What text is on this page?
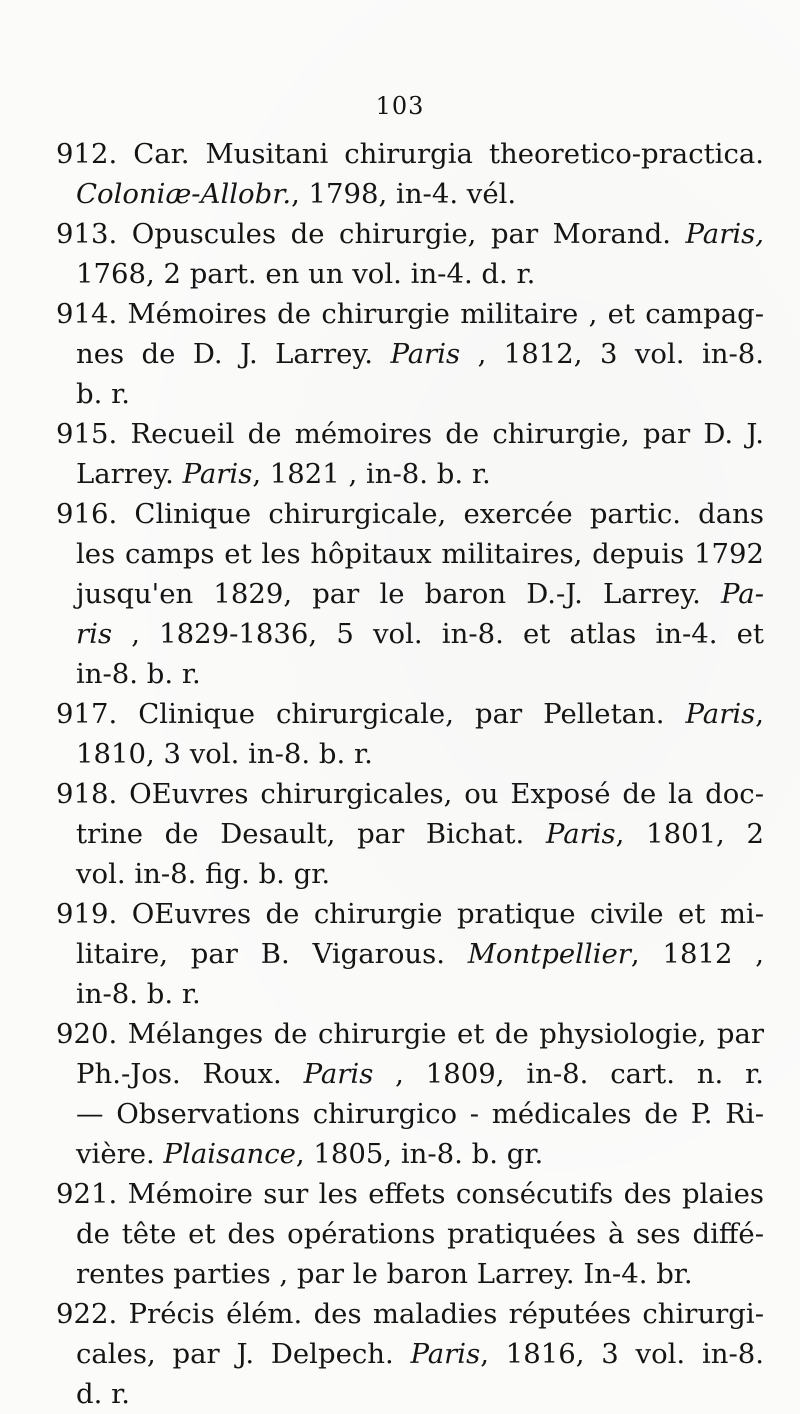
103
912. Car. Musitani chirurgia theoretico-practica.
Coloniæ-Allobr., 1798, in-4. vél.
913. Opuscules de chirurgie, par Morand. Paris,
1768, 2 part. en un vol. in-4. d. r.
914. Mémoires de chirurgie militaire , et campag-
nes de D. J. Larrey. Paris , 1812, 3 vol. in-8.
b. r.
915. Recueil de mémoires de chirurgie, par D. J.
Larrey. Paris, 1821 , in-8. b. r.
916. Clinique chirurgicale, exercée partic. dans
les camps et les hôpitaux militaires, depuis 1792
jusqu'en 1829, par le baron D.-J. Larrey. Pa-
ris , 1829-1836, 5 vol. in-8. et atlas in-4. et
in-8. b. r.
917. Clinique chirurgicale, par Pelletan. Paris,
1810, 3 vol. in-8. b. r.
918. OEuvres chirurgicales, ou Exposé de la doc-
trine de Desault, par Bichat. Paris, 1801, 2
vol. in-8. fig. b. gr.
919. OEuvres de chirurgie pratique civile et mi-
litaire, par B. Vigarous. Montpellier, 1812 ,
in-8. b. r.
920. Mélanges de chirurgie et de physiologie, par
Ph.-Jos. Roux. Paris , 1809, in-8. cart. n. r.
— Observations chirurgico - médicales de P. Ri-
vière. Plaisance, 1805, in-8. b. gr.
921. Mémoire sur les effets consécutifs des plaies
de tête et des opérations pratiquées à ses diffé-
rentes parties , par le baron Larrey. In-4. br.
922. Précis élém. des maladies réputées chirurgi-
cales, par J. Delpech. Paris, 1816, 3 vol. in-8.
d. r.
